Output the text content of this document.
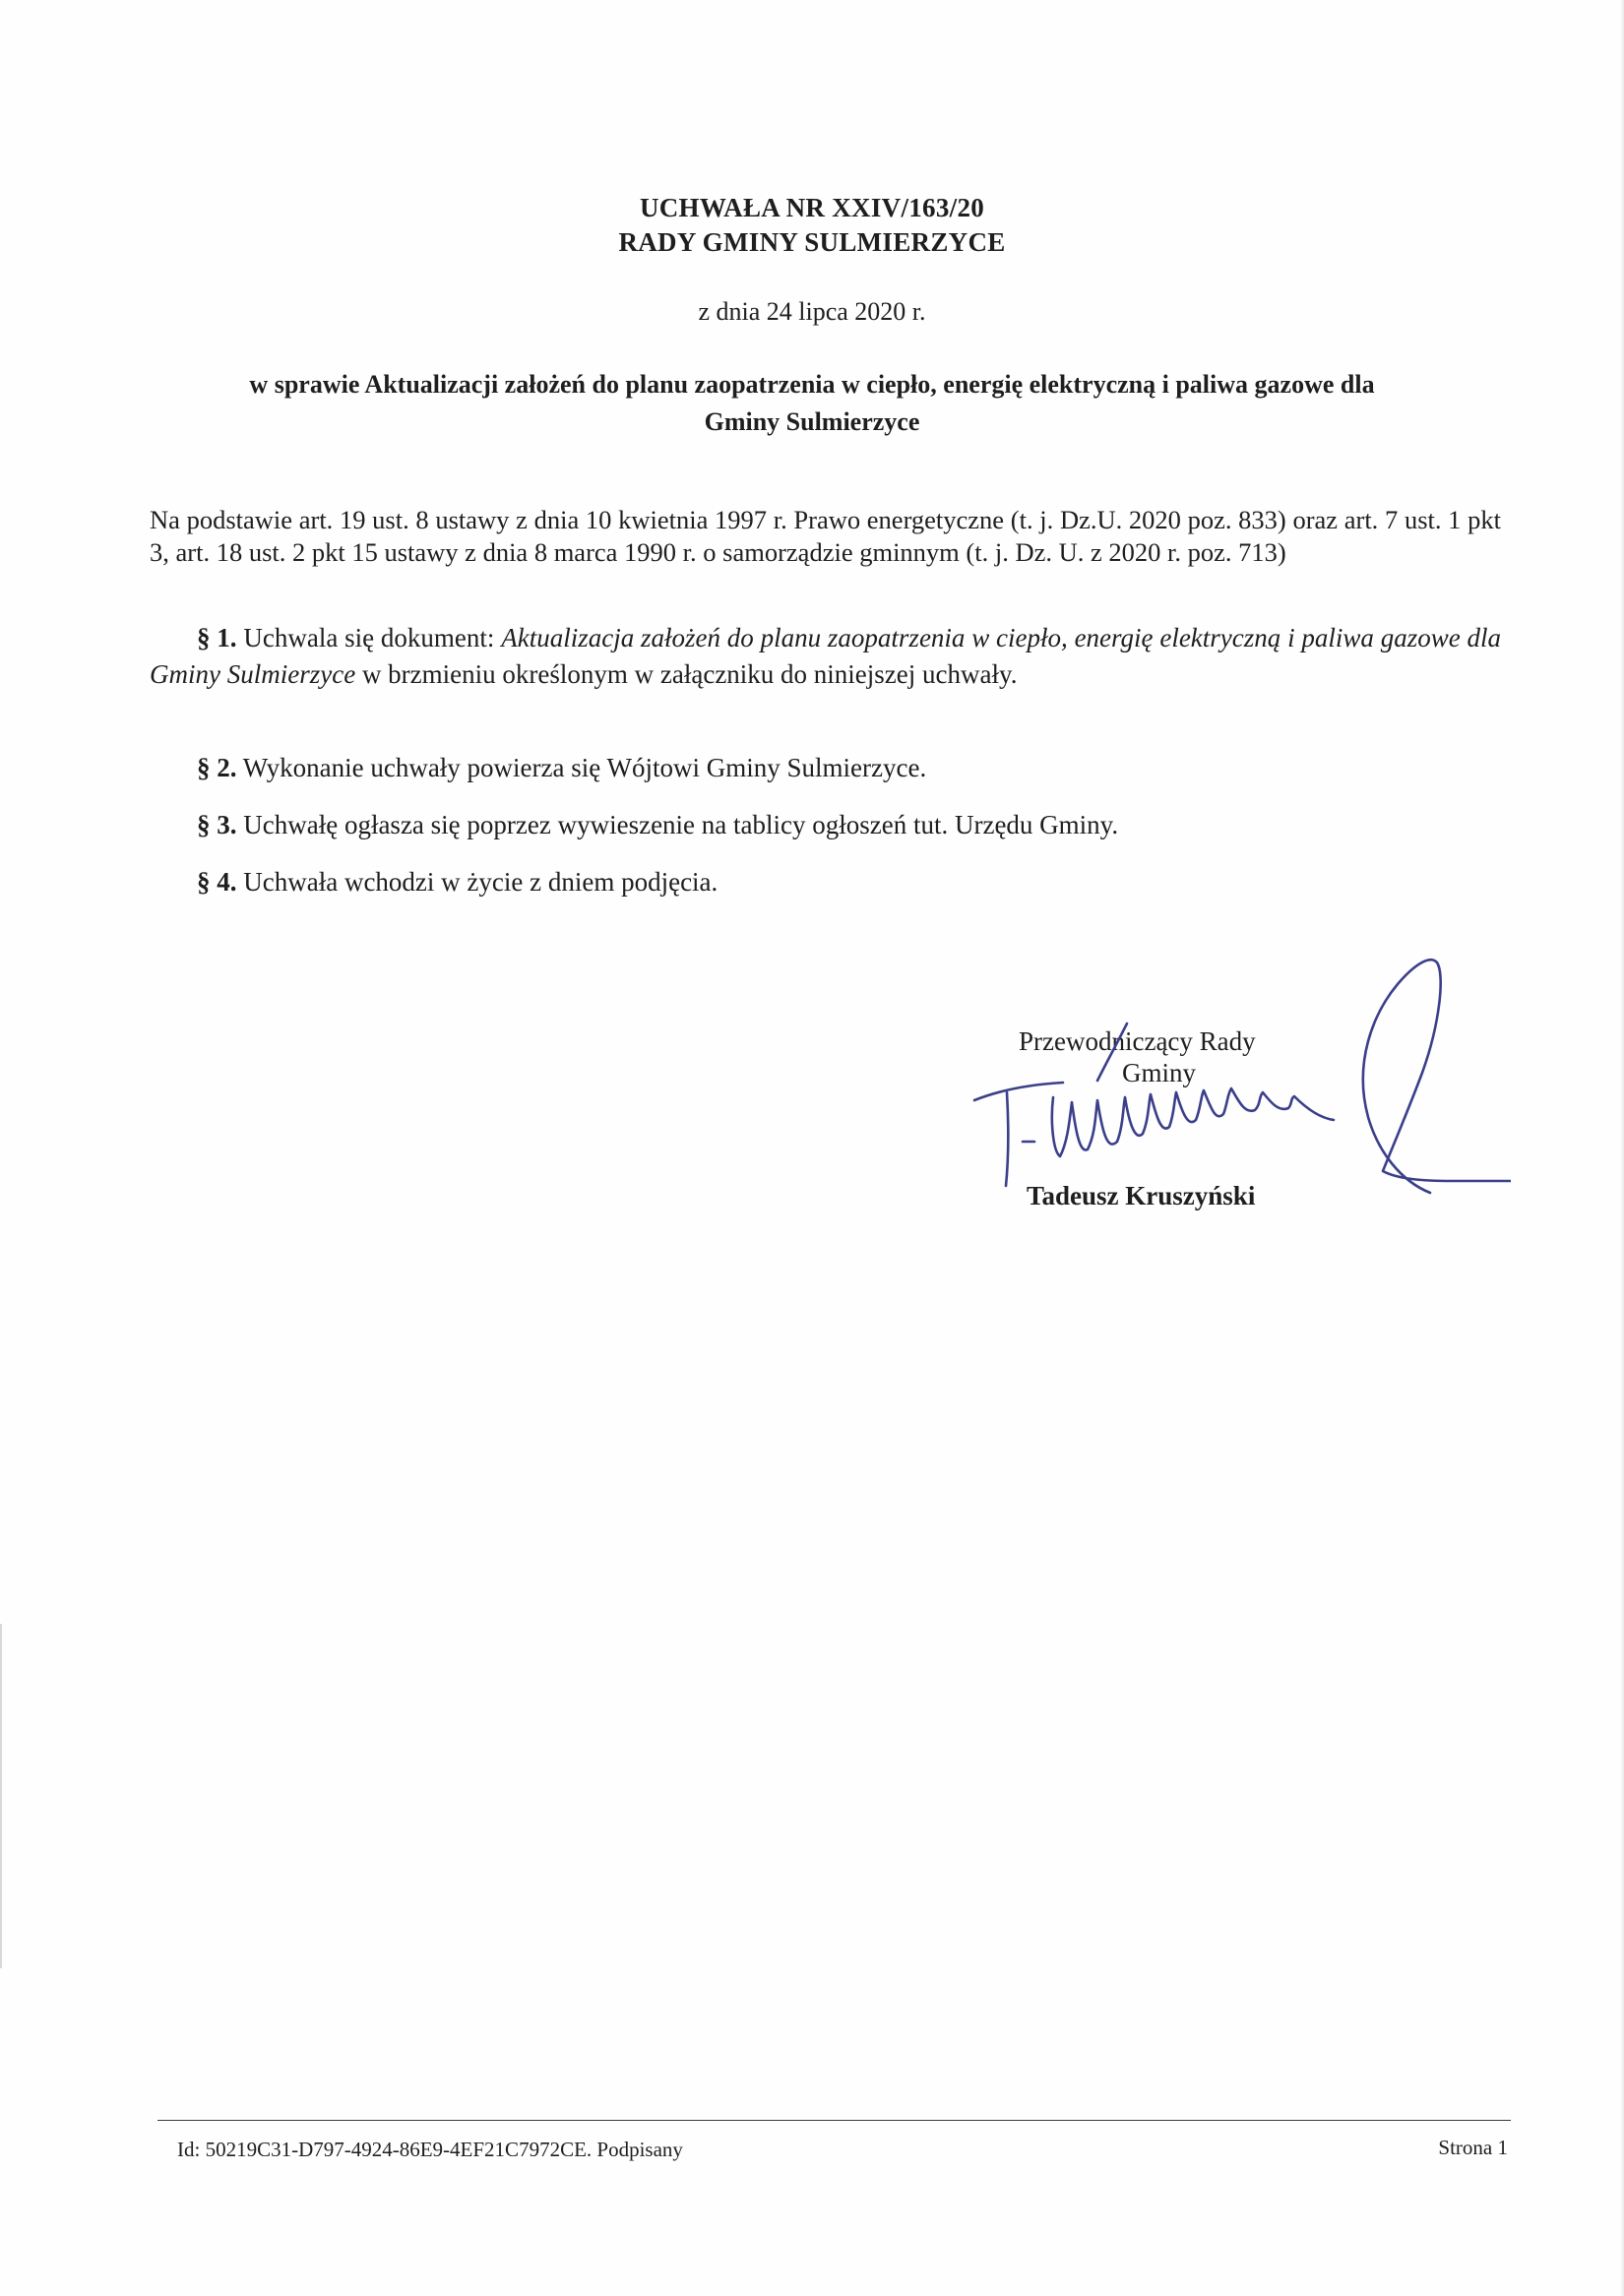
UCHWAŁA NR XXIV/163/20
RADY GMINY SULMIERZYCE
z dnia 24 lipca 2020 r.
w sprawie Aktualizacji założeń do planu zaopatrzenia w ciepło, energię elektryczną i paliwa gazowe dla
Gminy Sulmierzyce
Na podstawie art. 19 ust. 8 ustawy z dnia 10 kwietnia 1997 r. Prawo energetyczne (t. j. Dz.U. 2020 poz. 833) oraz art. 7 ust. 1 pkt 3, art. 18 ust. 2 pkt 15 ustawy z dnia 8 marca 1990 r. o samorządzie gminnym (t. j. Dz. U. z 2020 r. poz. 713)
§ 1. Uchwala się dokument: Aktualizacja założeń do planu zaopatrzenia w ciepło, energię elektryczną i paliwa gazowe dla Gminy Sulmierzyce w brzmieniu określonym w załączniku do niniejszej uchwały.
§ 2. Wykonanie uchwały powierza się Wójtowi Gminy Sulmierzyce.
§ 3. Uchwałę ogłasza się poprzez wywieszenie na tablicy ogłoszeń tut. Urzędu Gminy.
§ 4. Uchwała wchodzi w życie z dniem podjęcia.
Przewodniczący Rady
Gminy
Tadeusz Kruszyński
Id: 50219C31-D797-4924-86E9-4EF21C7972CE. Podpisany	Strona 1
